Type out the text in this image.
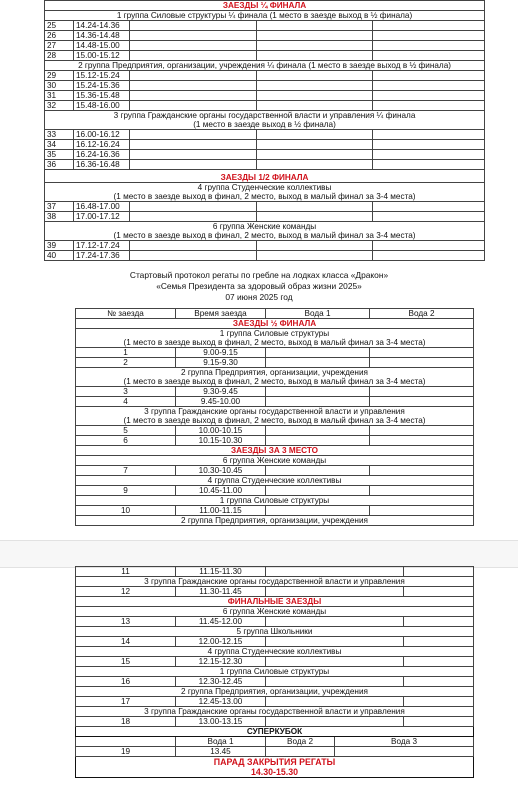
ЗАЕЗДЫ ¼ ФИНАЛА				
1 группа Силовые структуры ¼ финала (1 место в заезде выход в ½ финала)				
25	14.24-14.36			
26	14.36-14.48			
27	14.48-15.00			
28	15.00-15.12			
2 группа Предприятия, организации, учреждения ¼ финала (1 место в заезде выход в ½ финала)				
29	15.12-15.24			
30	15.24-15.36			
31	15.36-15.48			
32	15.48-16.00			
3 группа Гражданские органы государственной власти и управления ¼ финала				
(1 место в заезде выход в ½ финала)				
33	16.00-16.12			
34	16.12-16.24			
35	16.24-16.36			
36	16.36-16.48			
ЗАЕЗДЫ 1/2 ФИНАЛА				
4 группа Студенческие коллективы				
(1 место в заезде выход в финал, 2 место, выход в малый финал за 3-4 места)				
37	16.48-17.00			
38	17.00-17.12			
6 группа Женские команды				
(1 место в заезде выход в финал, 2 место, выход в малый финал за 3-4 места)				
39	17.12-17.24			
40	17.24-17.36			
Стартовый протокол регаты по гребле на лодках класса «Дракон»
«Семья Президента за здоровый образ жизни 2025»
07 июня 2025 год
№ заезда	Время заезда	Вода 1	Вода 2
ЗАЕЗДЫ ½ ФИНАЛА			
1 группа Силовые структуры			
(1 место в заезде выход в финал, 2 место, выход в малый финал за 3-4 места)			
1	9.00-9.15		
2	9.15-9.30		
2 группа Предприятия, организации, учреждения			
(1 место в заезде выход в финал, 2 место, выход в малый финал за 3-4 места)			
3	9.30-9.45		
4	9.45-10.00		
3 группа Гражданские органы государственной власти и управления			
(1 место в заезде выход в финал, 2 место, выход в малый финал за 3-4 места)			
5	10.00-10.15		
6	10.15-10.30		
ЗАЕЗДЫ ЗА 3 МЕСТО			
6 группа Женские команды			
7	10.30-10.45		
4 группа Студенческие коллективы			
9	10.45-11.00		
1 группа Силовые структуры			
10	11.00-11.15		
2 группа Предприятия, организации, учреждения			
11	11.15-11.30			
3 группа Гражданские органы государственной власти и управления				
12	11.30-11.45			
ФИНАЛЬНЫЕ ЗАЕЗДЫ				
6 группа Женские команды				
13	11.45-12.00			
5 группа Школьники				
14	12.00-12.15			
4 группа Студенческие коллективы				
15	12.15-12.30			
1 группа Силовые структуры				
16	12.30-12.45			
2 группа Предприятия, организации, учреждения				
17	12.45-13.00			
3 группа Гражданские органы государственной власти и управления				
18	13.00-13.15			
СУПЕРКУБОК				
	Вода 1	Вода 2	Вода 3	
19	13.45			

ПАРАД ЗАКРЫТИЯ РЕГАТЫ
14.30-15.30				
